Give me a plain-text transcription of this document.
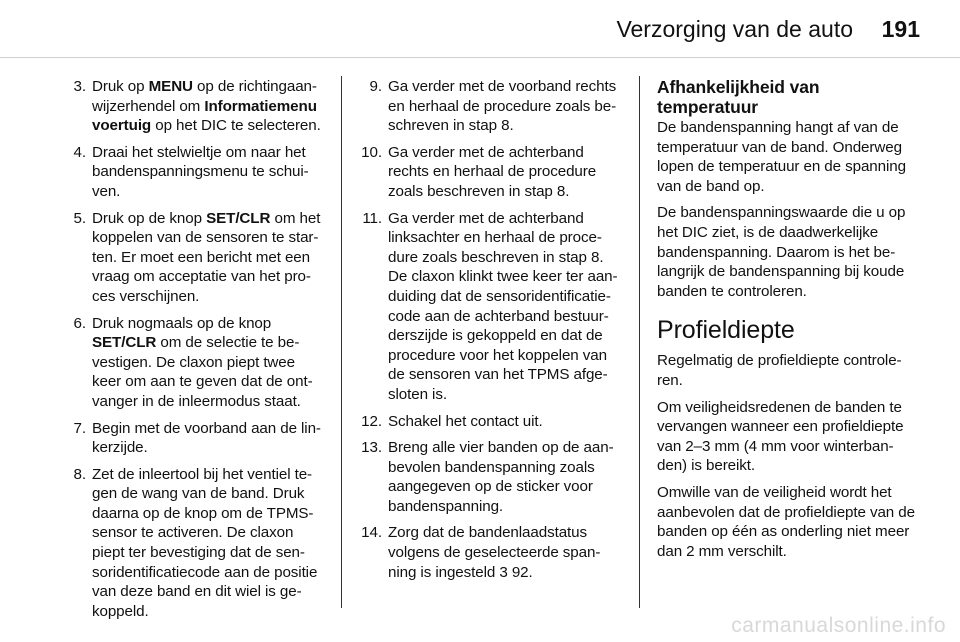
Verzorging van de auto 191
3. Druk op MENU op de richtingaan-wijzerhendel om Informatiemenu voertuig op het DIC te selecteren.
4. Draai het stelwieltje om naar het bandenspanningsmenu te schui-ven.
5. Druk op de knop SET/CLR om het koppelen van de sensoren te star-ten. Er moet een bericht met een vraag om acceptatie van het pro-ces verschijnen.
6. Druk nogmaals op de knop SET/CLR om de selectie te be-vestigen. De claxon piept twee keer om aan te geven dat de ont-vanger in de inleermodus staat.
7. Begin met de voorband aan de lin-kerzijde.
8. Zet de inleertool bij het ventiel te-gen de wang van de band. Druk daarna op de knop om de TPMS-sensor te activeren. De claxon piept ter bevestiging dat de sen-soridentificatiecode aan de positie van deze band en dit wiel is ge-koppeld.
9. Ga verder met de voorband rechts en herhaal de procedure zoals be-schreven in stap 8.
10. Ga verder met de achterband rechts en herhaal de procedure zoals beschreven in stap 8.
11. Ga verder met de achterband linksachter en herhaal de proce-dure zoals beschreven in stap 8. De claxon klinkt twee keer ter aan-duiding dat de sensoridentificatie-code aan de achterband bestuur-derszijde is gekoppeld en dat de procedure voor het koppelen van de sensoren van het TPMS afge-sloten is.
12. Schakel het contact uit.
13. Breng alle vier banden op de aan-bevolen bandenspanning zoals aangegeven op de sticker voor bandenspanning.
14. Zorg dat de bandenlaadstatus volgens de geselecteerde span-ning is ingesteld 3 92.
Afhankelijkheid van temperatuur
De bandenspanning hangt af van de temperatuur van de band. Onderweg lopen de temperatuur en de spanning van de band op.
De bandenspanningswaarde die u op het DIC ziet, is de daadwerkelijke bandenspanning. Daarom is het be-langrijk de bandenspanning bij koude banden te controleren.
Profieldiepte
Regelmatig de profieldiepte controle-ren.
Om veiligheidsredenen de banden te vervangen wanneer een profieldiepte van 2–3 mm (4 mm voor winterban-den) is bereikt.
Omwille van de veiligheid wordt het aanbevolen dat de profieldiepte van de banden op één as onderling niet meer dan 2 mm verschilt.
carmanualsonline.info
